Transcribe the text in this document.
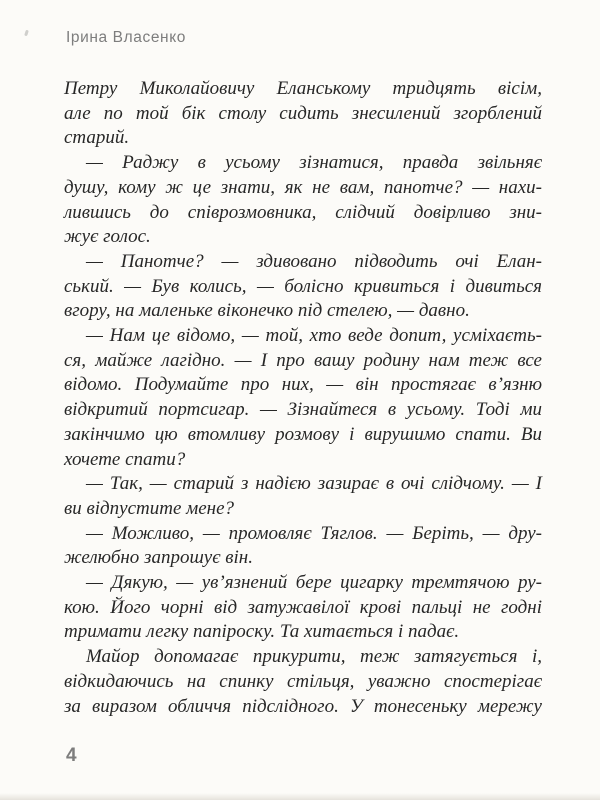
Ірина Власенко
Петру Миколайовичу Еланському тридцять вісім,
але по той бік столу сидить знесилений згорблений
старий.
— Раджу в усьому зізнатися, правда звільняє
душу, кому ж це знати, як не вам, панотче? — нахи-
лившись до співрозмовника, слідчий довірливо зни-
жує голос.
— Панотче? — здивовано підводить очі Елан-
ський. — Був колись, — болісно кривиться і дивиться
вгору, на маленьке віконечко під стелею, — давно.
— Нам це відомо, — той, хто веде допит, усміхаєть-
ся, майже лагідно. — І про вашу родину нам теж все
відомо. Подумайте про них, — він простягає в’язню
відкритий портсигар. — Зізнайтеся в усьому. Тоді ми
закінчимо цю втомливу розмову і вирушимо спати. Ви
хочете спати?
— Так, — старий з надією зазирає в очі слідчому. — І
ви відпустите мене?
— Можливо, — промовляє Тяглов. — Беріть, — дру-
желюбно запрошує він.
— Дякую, — ув’язнений бере цигарку тремтячою ру-
кою. Його чорні від затужавілої крові пальці не годні
тримати легку папіроску. Та хитається і падає.
Майор допомагає прикурити, теж затягується і,
відкидаючись на спинку стільця, уважно спостерігає
за виразом обличчя підслідного. У тонесеньку мережу
4
